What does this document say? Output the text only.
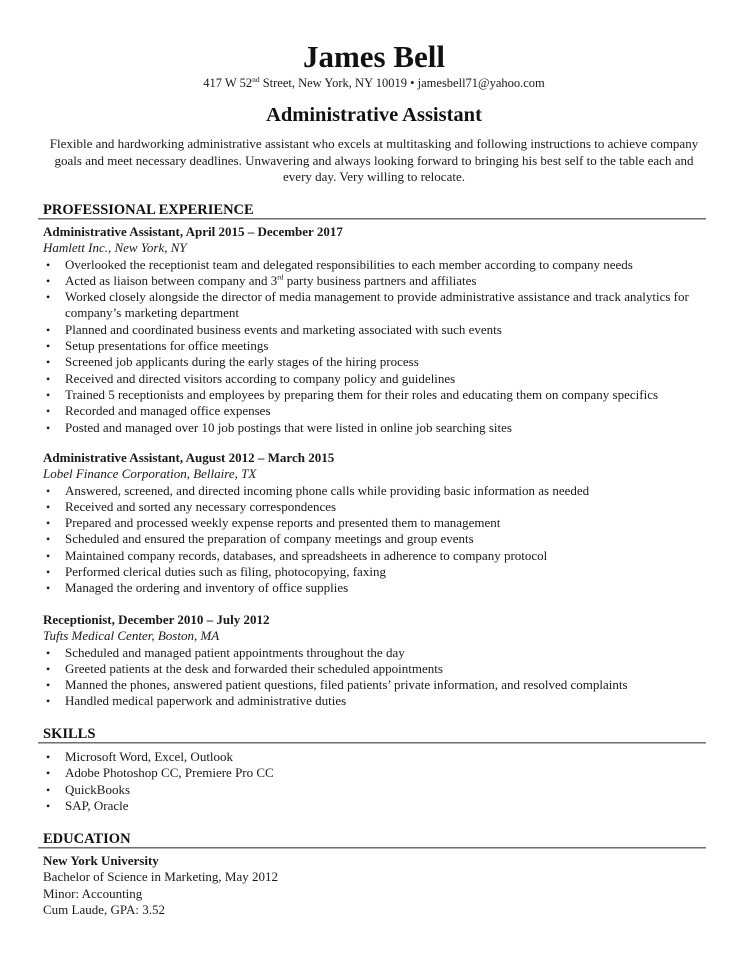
James Bell
417 W 52nd Street, New York, NY 10019 • jamesbell71@yahoo.com
Administrative Assistant
Flexible and hardworking administrative assistant who excels at multitasking and following instructions to achieve company goals and meet necessary deadlines. Unwavering and always looking forward to bringing his best self to the table each and every day. Very willing to relocate.
PROFESSIONAL EXPERIENCE
Administrative Assistant, April 2015 – December 2017
Hamlett Inc., New York, NY
• Overlooked the receptionist team and delegated responsibilities to each member according to company needs
• Acted as liaison between company and 3rd party business partners and affiliates
• Worked closely alongside the director of media management to provide administrative assistance and track analytics for company’s marketing department
• Planned and coordinated business events and marketing associated with such events
• Setup presentations for office meetings
• Screened job applicants during the early stages of the hiring process
• Received and directed visitors according to company policy and guidelines
• Trained 5 receptionists and employees by preparing them for their roles and educating them on company specifics
• Recorded and managed office expenses
• Posted and managed over 10 job postings that were listed in online job searching sites
Administrative Assistant, August 2012 – March 2015
Lobel Finance Corporation, Bellaire, TX
• Answered, screened, and directed incoming phone calls while providing basic information as needed
• Received and sorted any necessary correspondences
• Prepared and processed weekly expense reports and presented them to management
• Scheduled and ensured the preparation of company meetings and group events
• Maintained company records, databases, and spreadsheets in adherence to company protocol
• Performed clerical duties such as filing, photocopying, faxing
• Managed the ordering and inventory of office supplies
Receptionist, December 2010 – July 2012
Tufts Medical Center, Boston, MA
• Scheduled and managed patient appointments throughout the day
• Greeted patients at the desk and forwarded their scheduled appointments
• Manned the phones, answered patient questions, filed patients’ private information, and resolved complaints
• Handled medical paperwork and administrative duties
SKILLS
• Microsoft Word, Excel, Outlook
• Adobe Photoshop CC, Premiere Pro CC
• QuickBooks
• SAP, Oracle
EDUCATION
New York University
Bachelor of Science in Marketing, May 2012
Minor: Accounting
Cum Laude, GPA: 3.52
